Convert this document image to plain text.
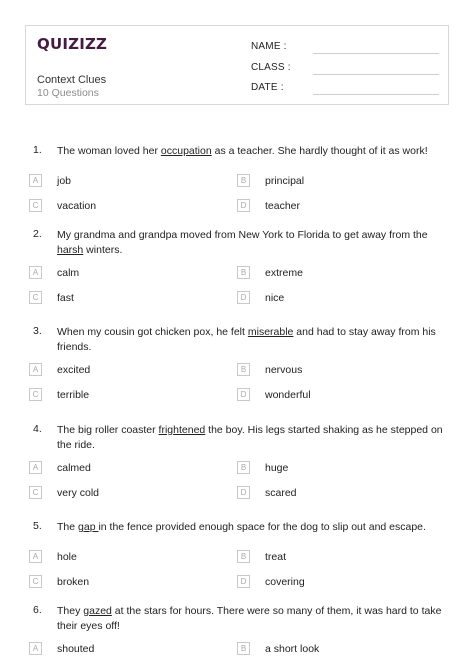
QUIZIZZ
Context Clues
10 Questions
NAME :
CLASS :
DATE :
1. The woman loved her occupation as a teacher. She hardly thought of it as work!
A	job	B	principal
C	vacation	D	teacher
2. My grandma and grandpa moved from New York to Florida to get away from the harsh winters.
A	calm	B	extreme
C	fast	D	nice
3. When my cousin got chicken pox, he felt miserable and had to stay away from his friends.
A	excited	B	nervous
C	terrible	D	wonderful
4. The big roller coaster frightened the boy. His legs started shaking as he stepped on the ride.
A	calmed	B	huge
C	very cold	D	scared
5. The gap in the fence provided enough space for the dog to slip out and escape.
A	hole	B	treat
C	broken	D	covering
6. They gazed at the stars for hours. There were so many of them, it was hard to take their eyes off!
A	shouted	B	a short look
